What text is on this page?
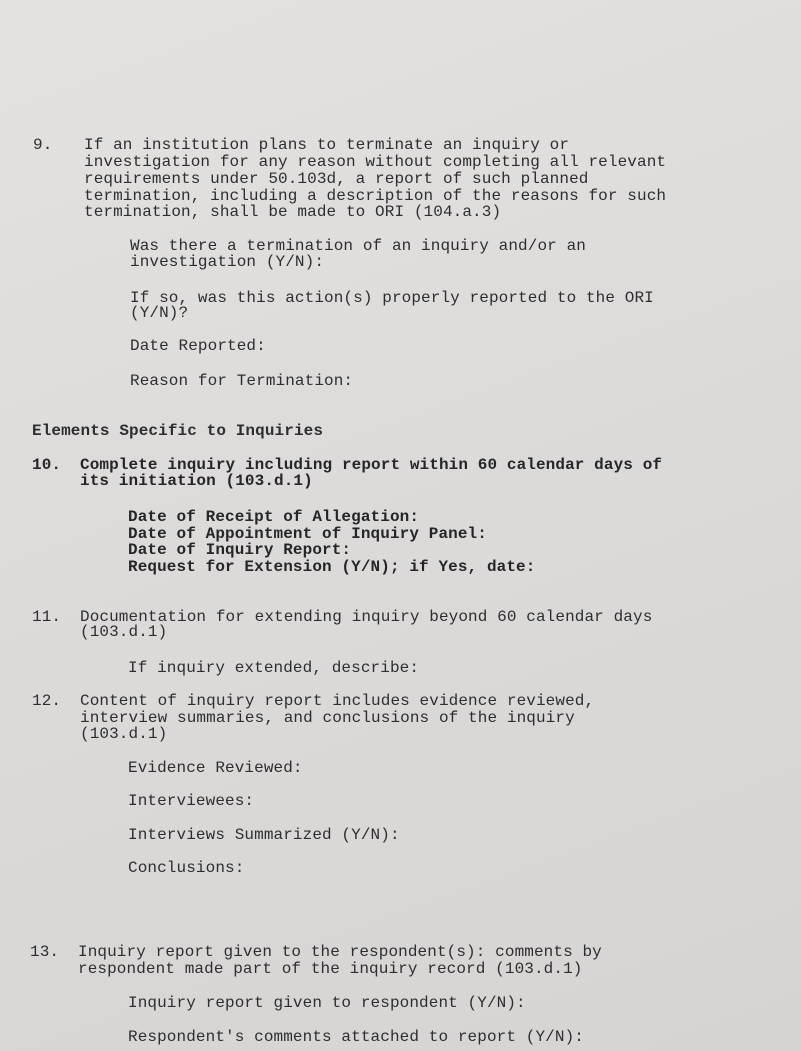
9. If an institution plans to terminate an inquiry or
investigation for any reason without completing all relevant
requirements under 50.103d, a report of such planned
termination, including a description of the reasons for such
termination, shall be made to ORI (104.a.3)
Was there a termination of an inquiry and/or an
investigation (Y/N):
If so, was this action(s) properly reported to the ORI
(Y/N)?
Date Reported:
Reason for Termination:
Elements Specific to Inquiries
10. Complete inquiry including report within 60 calendar days of
its initiation (103.d.1)
Date of Receipt of Allegation:
Date of Appointment of Inquiry Panel:
Date of Inquiry Report:
Request for Extension (Y/N); if Yes, date:
11. Documentation for extending inquiry beyond 60 calendar days
(103.d.1)
If inquiry extended, describe:
12. Content of inquiry report includes evidence reviewed,
interview summaries, and conclusions of the inquiry
(103.d.1)
Evidence Reviewed:
Interviewees:
Interviews Summarized (Y/N):
Conclusions:
13. Inquiry report given to the respondent(s): comments by
respondent made part of the inquiry record (103.d.1)
Inquiry report given to respondent (Y/N):
Respondent's comments attached to report (Y/N):
